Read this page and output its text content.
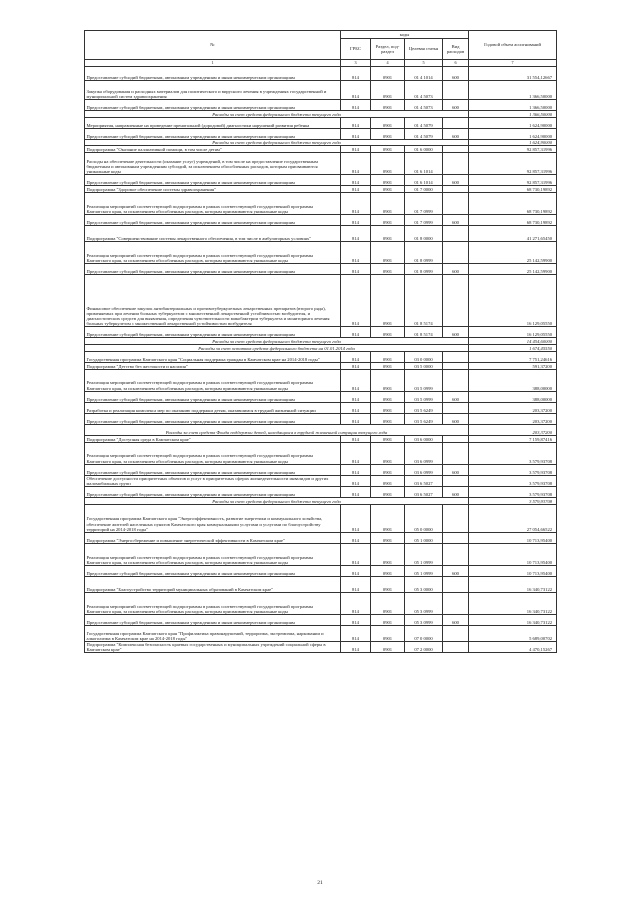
№	коды				Годовой объем ассигнований
	ГРБС	Раздел, под-раздел	Целевая статья	Вид расходов	
1	3	4	5	6	7
Предоставление субсидий бюджетным, автономным учреждениям и иным некоммерческим организациям	814	0901	01 4 1014	600	31 554,12667
Закупка оборудования и расходных материалов для политического и вирусного лечения в учреждениях государственной и муниципальной систем здравоохранения	814	0901	01 4 5073		1 366,50000
Предоставление субсидий бюджетным, автономным учреждениям и иным некоммерческим организациям	814	0901	01 4 5073	600	1 366,50000
Расходы за счет средств федерального бюджета текущего года					1 366,50000
Мероприятия, направленные на проведение пренатальной (дородовой) диагностики нарушений развития ребенка	814	0901	01 4 5079		1 624,90000
Предоставление субсидий бюджетным, автономным учреждениям и иным некоммерческим организациям	814	0901	01 4 5079	600	1 624,90000
Расходы за счет средств федерального бюджета текущего года					1 624,90000
Подпрограмма "Оказание паллиативной помощи, в том числе детям"	814	0901	01 6 0000		92 857,31996
Расходы на обеспечение деятельности (оказание услуг) учреждений, в том числе на предоставление государственным бюджетным и автономным учреждениям субсидий, за исключением обособленных расходов, которым присваиваются уникальные коды	814	0901	01 6 1014		92 857,31996
Предоставление субсидий бюджетным, автономным учреждениям и иным некоммерческим организациям	814	0901	01 6 1014	600	92 857,31996
Подпрограмма "Здоровое обеспечение системы здравоохранения"	814	0901	01 7 0000		68 730,19892
Реализация мероприятий соответствующей подпрограммы в рамках соответствующей государственной программы Камчатского края, за исключением обособленных расходов, которым присваиваются уникальные коды	814	0901	01 7 0999		68 730,19892
Предоставление субсидий бюджетным, автономным учреждениям и иным некоммерческим организациям	814	0901	01 7 0999	600	68 730,19892
Подпрограмма "Совершенствование системы лекарственного обеспечения, в том числе в амбулаторных условиях"	814	0901	01 8 0000		41 271,65450
Реализация мероприятий соответствующей подпрограммы в рамках соответствующей государственной программы Камчатского края, за исключением обособленных расходов, которым присваиваются уникальные коды	814	0901	01 8 0999		25 142,59900
Предоставление субсидий бюджетным, автономным учреждениям и иным некоммерческим организациям	814	0901	01 8 0999	600	25 142,59900
Финансовое обеспечение закупок антибактериальных и противотуберкулезных лекарственных препаратов (второго ряда), применяемых при лечении больных туберкулезом с множественной лекарственной устойчивостью возбудителя, и диагностических средств для выявления, определения чувствительности микобактерии туберкулеза и мониторинга лечения больных туберкулезом с множественной лекарственной устойчивостью возбудителя	814	0901	01 8 5174		16 129,05550
Предоставление субсидий бюджетным, автономным учреждениям и иным некоммерческим организациям	814	0901	01 8 5174	600	16 129,05550
Расходы за счет средств федерального бюджета текущего года					14 454,60000
Расходы за счет остатков средств федерального бюджета на 01.01.2014 года					1 674,45550
Государственная программа Камчатского края "Социальная поддержка граждан в Камчатском крае на 2014-2018 годы"	814	0901	03 0 0000		7 751,24616
Подпрограмма "Детство без жестокости и насилия"	814	0901	03 5 0000		591,37200
Реализация мероприятий соответствующей подпрограммы в рамках соответствующей государственной программы Камчатского края, за исключением обособленных расходов, которым присваиваются уникальные коды	814	0901	03 5 0999		388,00000
Предоставление субсидий бюджетным, автономным учреждениям и иным некоммерческим организациям	814	0901	03 5 0999	600	388,00000
Разработка и реализация комплекса мер по оказанию поддержки детям, оказавшимся в трудной жизненной ситуации	814	0901	03 5 6249		203,37200
Предоставление субсидий бюджетным, автономным учреждениям и иным некоммерческим организациям	814	0901	03 5 6249	600	203,37200
Расходы за счет средств Фонда поддержки детей, находящихся в трудной жизненной ситуации текущего года					203,37200
Подпрограмма "Доступная среда в Камчатском крае"	814	0901	03 6 0000		7 159,87416
Реализация мероприятий соответствующей подпрограммы в рамках соответствующей государственной программы Камчатского края, за исключением обособленных расходов, которым присваиваются уникальные коды	814	0901	03 6 0999		3 579,93708
Предоставление субсидий бюджетным, автономным учреждениям и иным некоммерческим организациям	814	0901	03 6 0999	600	3 579,93708
Обеспечение доступности приоритетных объектов и услуг в приоритетных сферах жизнедеятельности инвалидов и других маломобильных групп	814	0901	03 6 5027		3 579,93708
Предоставление субсидий бюджетным, автономным учреждениям и иным некоммерческим организациям	814	0901	03 6 5027	600	3 579,93708
Расходы за счет средств федерального бюджета текущего года					3 579,93708
Государственная программа Камчатского края "Энергоэффективность, развитие энергетики и коммунального хозяйства, обеспечение жителей населенных пунктов Камчатского края коммунальными услугами и услугами по благоустройству территорий на 2014-2018 годы"	814	0901	05 0 0000		27 054,66522
Подпрограмма "Энергосбережение и повышение энергетической эффективности в Камчатском крае"	814	0901	05 1 0000		10 713,95400
Реализация мероприятий соответствующей подпрограммы в рамках соответствующей государственной программы Камчатского края, за исключением обособленных расходов, которым присваиваются уникальные коды	814	0901	05 1 0999		10 713,95400
Предоставление субсидий бюджетным, автономным учреждениям и иным некоммерческим организациям	814	0901	05 1 0999	600	10 713,95400
Подпрограмма "Благоустройство территорий муниципальных образований в Камчатском крае"	814	0901	05 3 0000		16 340,73122
Реализация мероприятий соответствующей подпрограммы в рамках соответствующей государственной программы Камчатского края, за исключением обособленных расходов, которым присваиваются уникальные коды	814	0901	05 3 0999		16 340,73122
Предоставление субсидий бюджетным, автономным учреждениям и иным некоммерческим организациям	814	0901	05 3 0999	600	16 340,73122
Государственная программа Камчатского края "Профилактика правонарушений, терроризма, экстремизма, наркомании и алкоголизма в Камчатском крае на 2014-2018 годы"	814	0901	07 0 0000		5 689,00702
Подпрограмма "Комплексная безопасность краевых государственных и муниципальных учреждений социальной сферы в Камчатском крае"	814	0901	07 2 0000		4 470,15267
21
